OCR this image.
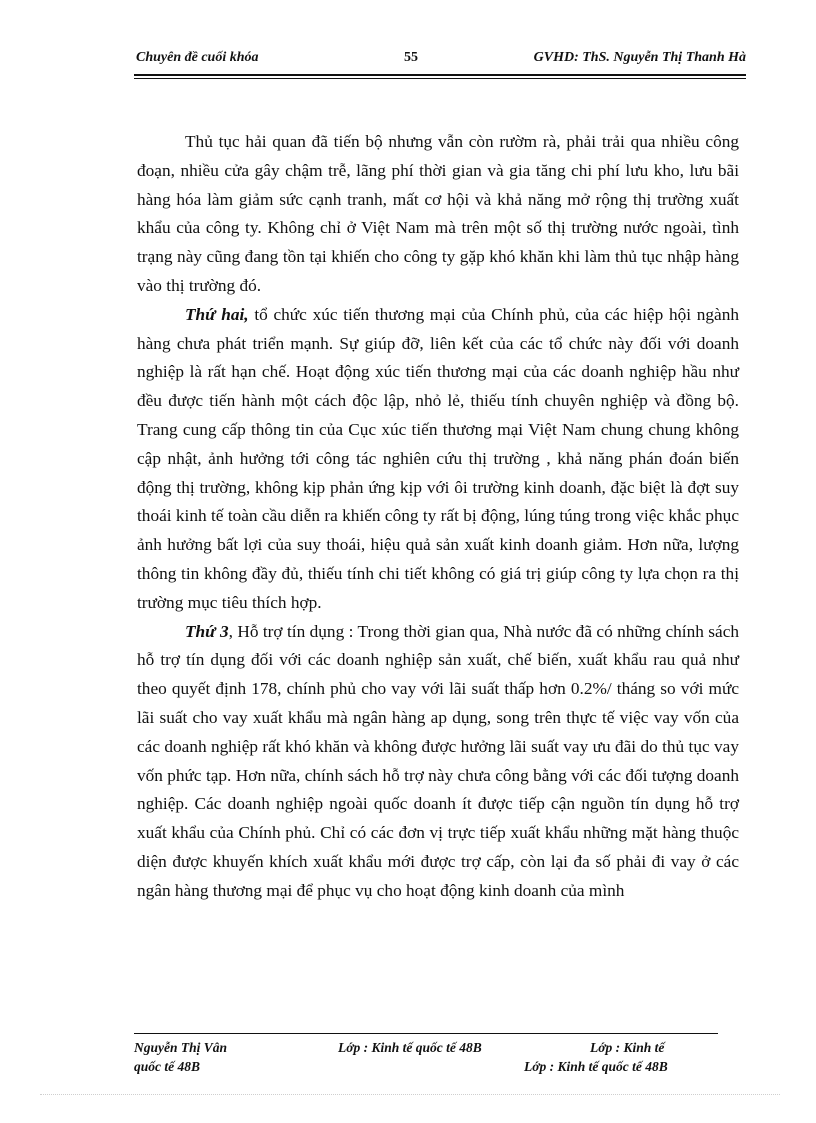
Chuyên đề cuối khóa	55	GVHD: ThS. Nguyễn Thị Thanh Hà

Thủ tục hải quan đã tiến bộ nhưng vẫn còn rườm rà, phải trải qua nhiều công đoạn, nhiều cửa gây chậm trễ, lãng phí thời gian và gia tăng chi phí lưu kho, lưu bãi hàng hóa làm giảm sức cạnh tranh, mất cơ hội và khả năng mở rộng thị trường xuất khẩu của công ty. Không chỉ ở Việt Nam mà trên một số thị trường nước ngoài, tình trạng này cũng đang tồn tại khiến cho công ty gặp khó khăn khi làm thủ tục nhập hàng vào thị trường đó.

Thứ hai, tổ chức xúc tiến thương mại của Chính phủ, của các hiệp hội ngành hàng chưa phát triển mạnh. Sự giúp đỡ, liên kết của các tổ chức này đối với doanh nghiệp là rất hạn chế. Hoạt động xúc tiến thương mại của các doanh nghiệp hầu như đều được tiến hành một cách độc lập, nhỏ lẻ, thiếu tính chuyên nghiệp và đồng bộ. Trang cung cấp thông tin của Cục xúc tiến thương mại Việt Nam chung chung không cập nhật, ảnh hưởng tới công tác nghiên cứu thị trường , khả năng phán đoán biến động thị trường, không kịp phản ứng kịp với ôi trường kinh doanh, đặc biệt là đợt suy thoái kinh tế toàn cầu diễn ra khiến công ty rất bị động, lúng túng trong việc khắc phục ảnh hưởng bất lợi của suy thoái, hiệu quả sản xuất kinh doanh giảm. Hơn nữa, lượng thông tin không đầy đủ, thiếu tính chi tiết không có giá trị giúp công ty lựa chọn ra thị trường mục tiêu thích hợp.

Thứ 3, Hỗ trợ tín dụng : Trong thời gian qua, Nhà nước đã có những chính sách hỗ trợ tín dụng đối với các doanh nghiệp sản xuất, chế biến, xuất khẩu rau quả như theo quyết định 178, chính phủ cho vay với lãi suất thấp hơn 0.2%/ tháng so với mức lãi suất cho vay xuất khẩu mà ngân hàng ap dụng, song trên thực tế việc vay vốn của các doanh nghiệp rất khó khăn và không được hưởng lãi suất vay ưu đãi do thủ tục vay vốn phức tạp. Hơn nữa, chính sách hỗ trợ này chưa công bằng với các đối tượng doanh nghiệp. Các doanh nghiệp ngoài quốc doanh ít được tiếp cận nguồn tín dụng hỗ trợ xuất khẩu của Chính phủ. Chỉ có các đơn vị trực tiếp xuất khẩu những mặt hàng thuộc diện được khuyến khích xuất khẩu mới được trợ cấp, còn lại đa số phải đi vay ở các ngân hàng thương mại để phục vụ cho hoạt động kinh doanh của mình

Nguyễn Thị Vân	Lớp : Kinh tế quốc tế 48B	Lớp : Kinh tế
quốc tế 48B	Lớp : Kinh tế quốc tế 48B
